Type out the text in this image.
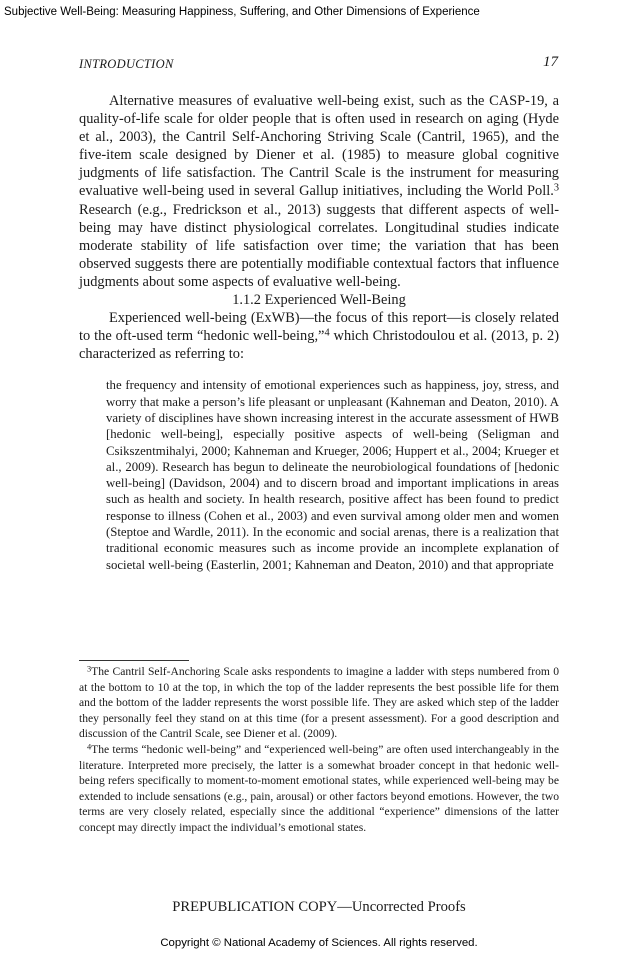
Subjective Well-Being: Measuring Happiness, Suffering, and Other Dimensions of Experience
INTRODUCTION	17

Alternative measures of evaluative well-being exist, such as the CASP-19, a quality-of-life scale for older people that is often used in research on aging (Hyde et al., 2003), the Cantril Self-Anchoring Striving Scale (Cantril, 1965), and the five-item scale designed by Diener et al. (1985) to measure global cognitive judgments of life satisfaction. The Cantril Scale is the instrument for measuring evaluative well-being used in several Gallup initiatives, including the World Poll.$^3$ Research (e.g., Fredrickson et al., 2013) suggests that different aspects of well-being may have distinct physiological correlates. Longitudinal studies indicate moderate stability of life satisfaction over time; the variation that has been observed suggests there are potentially modifiable contextual factors that influence judgments about some aspects of evaluative well-being.

1.1.2 Experienced Well-Being

Experienced well-being (ExWB)—the focus of this report—is closely related to the oft-used term “hedonic well-being,”$^4$ which Christodoulou et al. (2013, p. 2) characterized as referring to:

the frequency and intensity of emotional experiences such as happiness, joy, stress, and worry that make a person’s life pleasant or unpleasant (Kahneman and Deaton, 2010). A variety of disciplines have shown increasing interest in the accurate assessment of HWB [hedonic well-being], especially positive aspects of well-being (Seligman and Csikszentmihalyi, 2000; Kahneman and Krueger, 2006; Huppert et al., 2004; Krueger et al., 2009). Research has begun to delineate the neurobiological foundations of [hedonic well-being] (Davidson, 2004) and to discern broad and important implications in areas such as health and society. In health research, positive affect has been found to predict response to illness (Cohen et al., 2003) and even survival among older men and women (Steptoe and Wardle, 2011). In the economic and social arenas, there is a realization that traditional economic measures such as income provide an incomplete explanation of societal well-being (Easterlin, 2001; Kahneman and Deaton, 2010) and that appropriate

$^3$The Cantril Self-Anchoring Scale asks respondents to imagine a ladder with steps numbered from 0 at the bottom to 10 at the top, in which the top of the ladder represents the best possible life for them and the bottom of the ladder represents the worst possible life. They are asked which step of the ladder they personally feel they stand on at this time (for a present assessment). For a good description and discussion of the Cantril Scale, see Diener et al. (2009).

$^4$The terms “hedonic well-being” and “experienced well-being” are often used interchangeably in the literature. Interpreted more precisely, the latter is a somewhat broader concept in that hedonic well-being refers specifically to moment-to-moment emotional states, while experienced well-being may be extended to include sensations (e.g., pain, arousal) or other factors beyond emotions. However, the two terms are very closely related, especially since the additional “experience” dimensions of the latter concept may directly impact the individual’s emotional states.

PREPUBLICATION COPY—Uncorrected Proofs
Copyright © National Academy of Sciences. All rights reserved.
